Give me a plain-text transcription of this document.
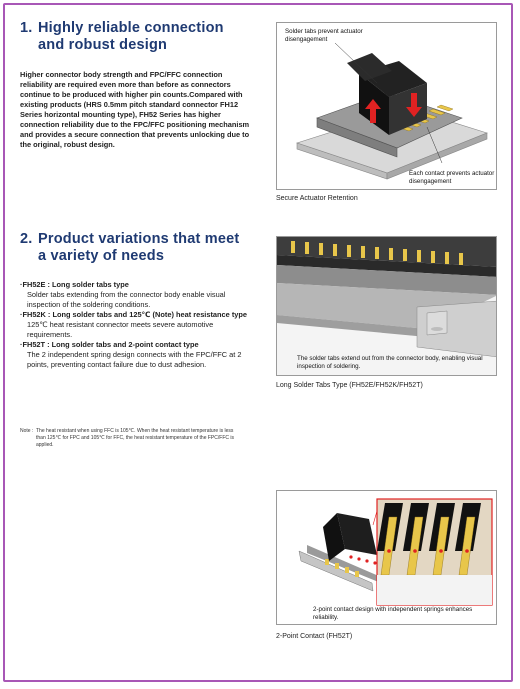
1. Highly reliable connection
and robust design
Higher connector body strength and FPC/FFC connection reliability are required even more than before as connectors continue to be produced with higher pin counts.Compared with existing products (HRS 0.5mm pitch standard connector FH12 Series horizontal mounting type), FH52 Series has higher connection reliability due to the FPC/FFC positioning mechanism and provides a secure connection that prevents unlocking due to the original, robust design.
Solder tabs prevent actuator disengagement
Each contact prevents actuator disengagement
Secure Actuator Retention
2. Product variations that meet
a variety of needs
·FH52E : Long solder tabs type
Solder tabs extending from the connector body enable visual inspection of the soldering conditions.
·FH52K : Long solder tabs and 125℃ (Note) heat resistance type
125℃ heat resistant connector meets severe automotive requirements.
·FH52T : Long solder tabs and 2-point contact type
The 2 independent spring design connects with the FPC/FFC at 2 points, preventing contact failure due to dust adhesion.
Note : The heat resistant when using FFC is 105℃. When the heat resistant temperature is less than 125℃ for FPC and 105℃ for FFC, the heat resistant temperature of the FPC/FFC is applied.
The solder tabs extend out from the connector body, enabling visual inspection of soldering.
Long Solder Tabs Type (FH52E/FH52K/FH52T)
2-point contact design with independent springs enhances reliability.
2-Point Contact (FH52T)
